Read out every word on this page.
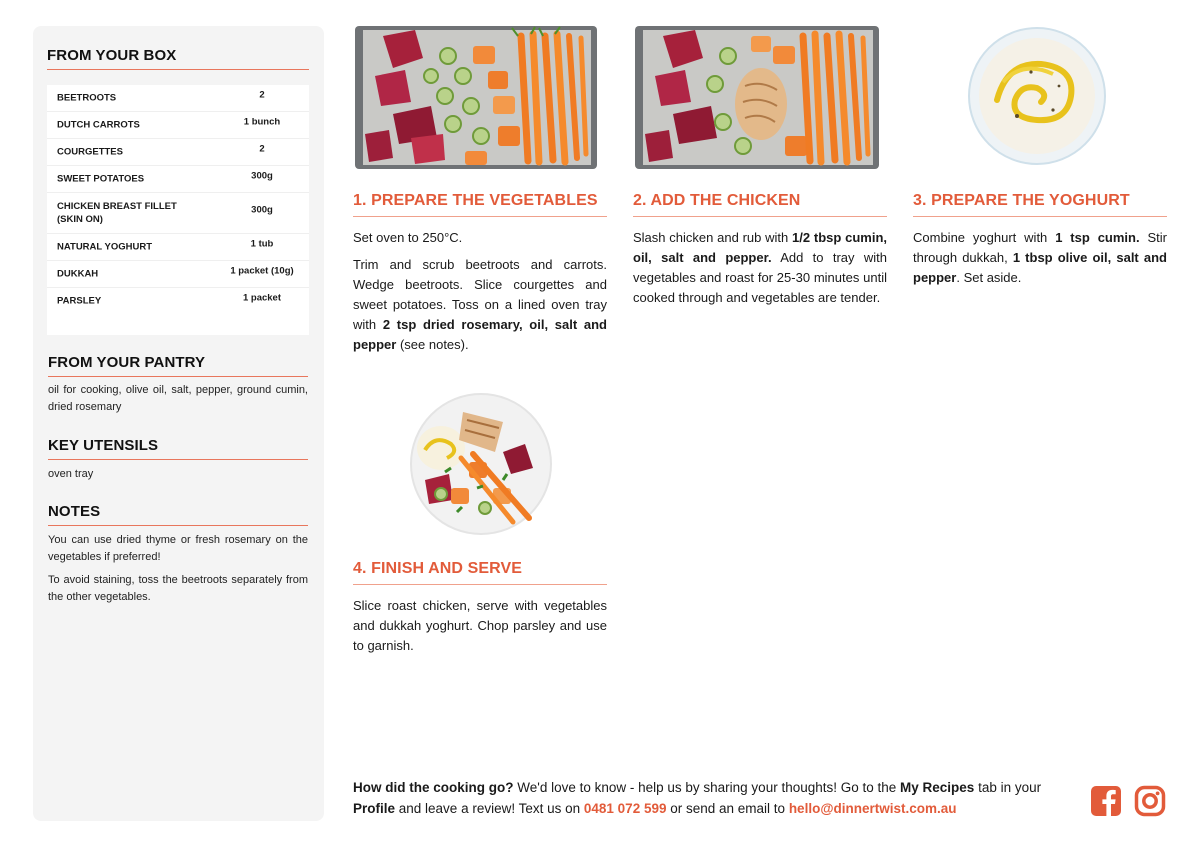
FROM YOUR BOX
BEETROOTS	2
DUTCH CARROTS	1 bunch
COURGETTES	2
SWEET POTATOES	300g
CHICKEN BREAST FILLET (SKIN ON)
300g
NATURAL YOGHURT	1 tub
DUKKAH	1 packet (10g)
PARSLEY	1 packet
FROM YOUR PANTRY

oil for cooking, olive oil, salt, pepper, ground cumin, dried rosemary

KEY UTENSILS

oven tray

NOTES

You can use dried thyme or fresh rosemary on the vegetables if preferred!

To avoid staining, toss the beetroots separately from the other vegetables.

1. PREPARE THE VEGETABLES

Set oven to 250°C.

Trim and scrub beetroots and carrots. Wedge beetroots. Slice courgettes and sweet potatoes. Toss on a lined oven tray with 2 tsp dried rosemary, oil, salt and pepper (see notes).

2. ADD THE CHICKEN

Slash chicken and rub with 1/2 tbsp cumin, oil, salt and pepper. Add to tray with vegetables and roast for 25-30 minutes until cooked through and vegetables are tender.

3. PREPARE THE YOGHURT

Combine yoghurt with 1 tsp cumin. Stir through dukkah, 1 tbsp olive oil, salt and pepper. Set aside.

4. FINISH AND SERVE

Slice roast chicken, serve with vegetables and dukkah yoghurt. Chop parsley and use to garnish.

How did the cooking go? We'd love to know - help us by sharing your thoughts! Go to the My Recipes tab in your Profile and leave a review! Text us on 0481 072 599 or send an email to hello@dinnertwist.com.au
